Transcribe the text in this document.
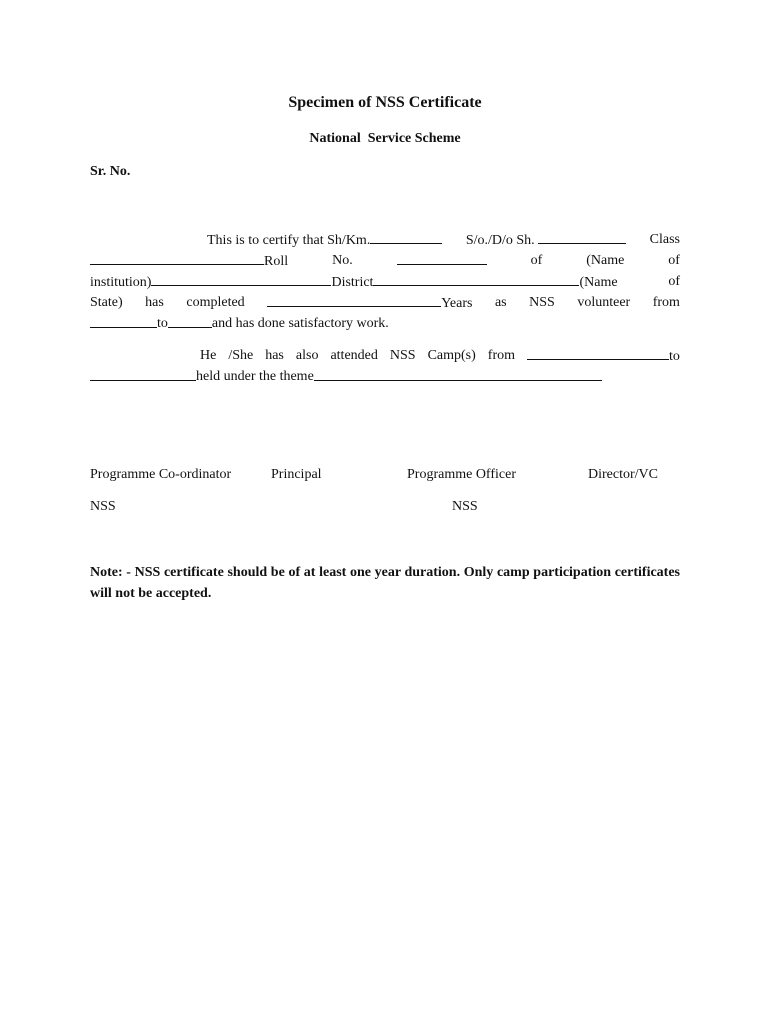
Specimen of NSS Certificate
National  Service Scheme
Sr. No.
This is to certify that Sh/Km.	S/o./D/o Sh.	Class
Roll	No.	of	(Name	of
institution)	District	(Name	of
State) has completed	Years as NSS volunteer from
to	and has done satisfactory work.
He /She has also attended NSS Camp(s) from	to
held under the theme
Programme Co-ordinator	Principal	Programme Officer	Director/VC
NSS	NSS
Note: - NSS certificate should be of at least one year duration. Only camp participation certificates will not be accepted.
